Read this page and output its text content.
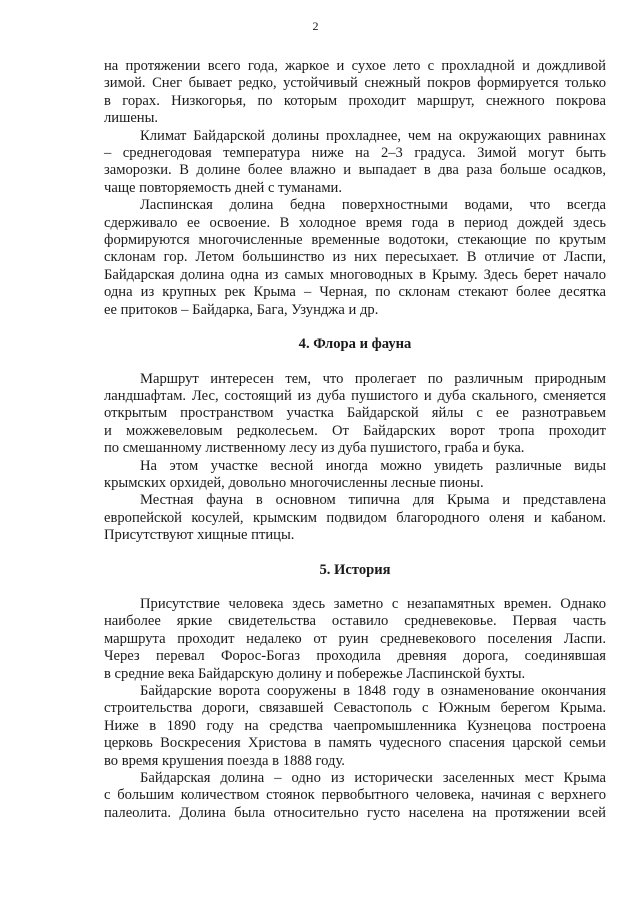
2
на протяжении всего года, жаркое и сухое лето с прохладной и дождливой
зимой. Снег бывает редко, устойчивый снежный покров формируется только
в горах. Низкогорья, по которым проходит маршрут, снежного покрова
лишены.
Климат Байдарской долины прохладнее, чем на окружающих равнинах
– среднегодовая температура ниже на 2–3 градуса. Зимой могут быть
заморозки. В долине более влажно и выпадает в два раза больше осадков,
чаще повторяемость дней с туманами.
Ласпинская долина бедна поверхностными водами, что всегда
сдерживало ее освоение. В холодное время года в период дождей здесь
формируются многочисленные временные водотоки, стекающие по крутым
склонам гор. Летом большинство из них пересыхает. В отличие от Ласпи,
Байдарская долина одна из самых многоводных в Крыму. Здесь берет начало
одна из крупных рек Крыма – Черная, по склонам стекают более десятка
ее притоков – Байдарка, Бага, Узунджа и др.
4. Флора и фауна
Маршрут интересен тем, что пролегает по различным природным
ландшафтам. Лес, состоящий из дуба пушистого и дуба скального, сменяется
открытым пространством участка Байдарской яйлы с ее разнотравьем
и можжевеловым редколесьем. От Байдарских ворот тропа проходит
по смешанному лиственному лесу из дуба пушистого, граба и бука.
На этом участке весной иногда можно увидеть различные виды
крымских орхидей, довольно многочисленны лесные пионы.
Местная фауна в основном типична для Крыма и представлена
европейской косулей, крымским подвидом благородного оленя и кабаном.
Присутствуют хищные птицы.
5. История
Присутствие человека здесь заметно с незапамятных времен. Однако
наиболее яркие свидетельства оставило средневековье. Первая часть
маршрута проходит недалеко от руин средневекового поселения Ласпи.
Через перевал Форос-Богаз проходила древняя дорога, соединявшая
в средние века Байдарскую долину и побережье Ласпинской бухты.
Байдарские ворота сооружены в 1848 году в ознаменование окончания
строительства дороги, связавшей Севастополь с Южным берегом Крыма.
Ниже в 1890 году на средства чаепромышленника Кузнецова построена
церковь Воскресения Христова в память чудесного спасения царской семьи
во время крушения поезда в 1888 году.
Байдарская долина – одно из исторически заселенных мест Крыма
с большим количеством стоянок первобытного человека, начиная с верхнего
палеолита. Долина была относительно густо населена на протяжении всей
